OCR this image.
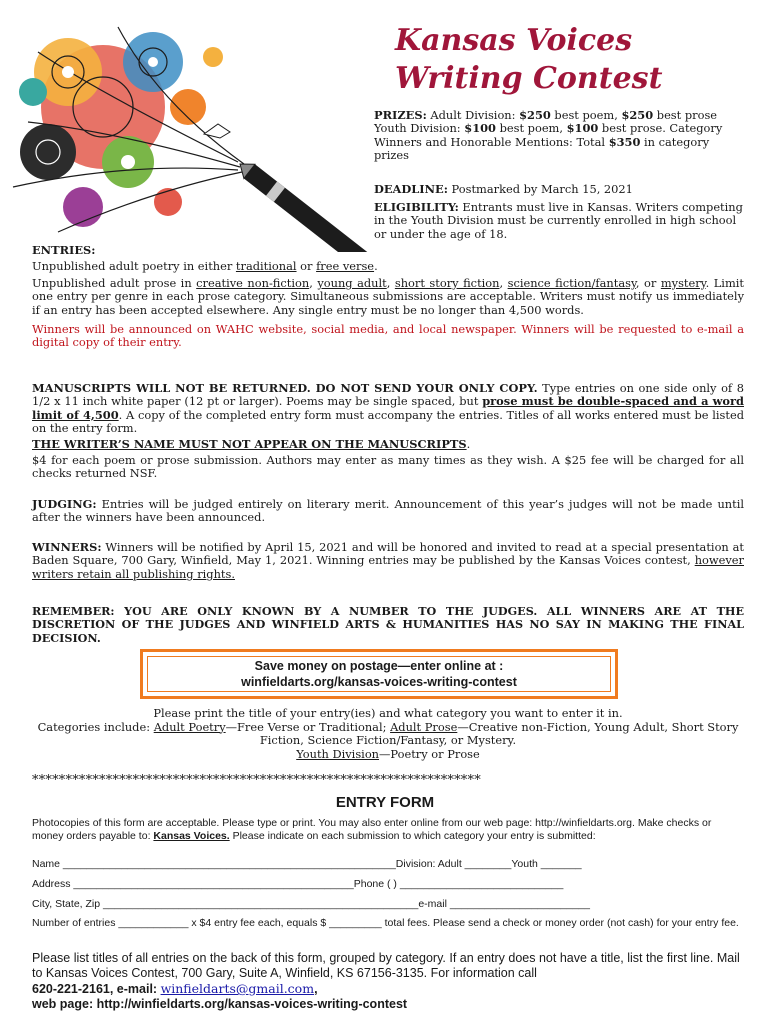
Kansas Voices
Writing Contest
PRIZES: Adult Division: $250 best poem, $250 best prose Youth Division: $100 best poem, $100 best prose. Category Winners and Honorable Mentions: Total $350 in category prizes
DEADLINE: Postmarked by March 15, 2021
ELIGIBILITY: Entrants must live in Kansas. Writers competing in the Youth Division must be currently enrolled in high school or under the age of 18.

ENTRIES:

Unpublished adult poetry in either traditional or free verse.

Unpublished adult prose in creative non-fiction, young adult, short story fiction, science fiction/fantasy, or mystery. Limit one entry per genre in each prose category. Simultaneous submissions are acceptable. Writers must notify us immediately if an entry has been accepted elsewhere. Any single entry must be no longer than 4,500 words.

Winners will be announced on WAHC website, social media, and local newspaper. Winners will be requested to e-mail a digital copy of their entry.

MANUSCRIPTS WILL NOT BE RETURNED. DO NOT SEND YOUR ONLY COPY. Type entries on one side only of 8 1/2 x 11 inch white paper (12 pt or larger). Poems may be single spaced, but prose must be double-spaced and a word limit of 4,500. A copy of the completed entry form must accompany the entries. Titles of all works entered must be listed on the entry form.

THE WRITER’S NAME MUST NOT APPEAR ON THE MANUSCRIPTS.

$4 for each poem or prose submission. Authors may enter as many times as they wish. A $25 fee will be charged for all checks returned NSF.

JUDGING: Entries will be judged entirely on literary merit. Announcement of this year’s judges will not be made until after the winners have been announced.
WINNERS: Winners will be notified by April 15, 2021 and will be honored and invited to read at a special presentation at Baden Square, 700 Gary, Winfield, May 1, 2021. Winning entries may be published by the Kansas Voices contest, however writers retain all publishing rights.
REMEMBER: YOU ARE ONLY KNOWN BY A NUMBER TO THE JUDGES. ALL WINNERS ARE AT THE DISCRETION OF THE JUDGES AND WINFIELD ARTS & HUMANITIES HAS NO SAY IN MAKING THE FINAL DECISION.
Save money on postage—enter online at :
winfieldarts.org/kansas-voices-writing-contest

Please print the title of your entry(ies) and what category you want to enter it in.

Categories include: Adult Poetry—Free Verse or Traditional; Adult Prose—Creative non-Fiction, Young Adult, Short Story Fiction, Science Fiction/Fantasy, or Mystery.

Youth Division—Poetry or Prose

*******************************************************************
ENTRY FORM
Photocopies of this form are acceptable. Please type or print. You may also enter online from our web page: http://winfieldarts.org. Make checks or money orders payable to: Kansas Voices. Please indicate on each submission to which category your entry is submitted:
Name _________________________________________________________Division: Adult ________Youth _______
Address ________________________________________________Phone ( ) ____________________________
City, State, Zip ______________________________________________________e-mail ________________________
Number of entries ____________ x $4 entry fee each, equals $ _________ total fees. Please send a check or money order (not cash) for your entry fee.

Please list titles of all entries on the back of this form, grouped by category. If an entry does not have a title, list the first line. Mail to Kansas Voices Contest, 700 Gary, Suite A, Winfield, KS 67156-3135. For information call

620-221-2161, e-mail: winfieldarts@gmail.com,

web page: http://winfieldarts.org/kansas-voices-writing-contest
